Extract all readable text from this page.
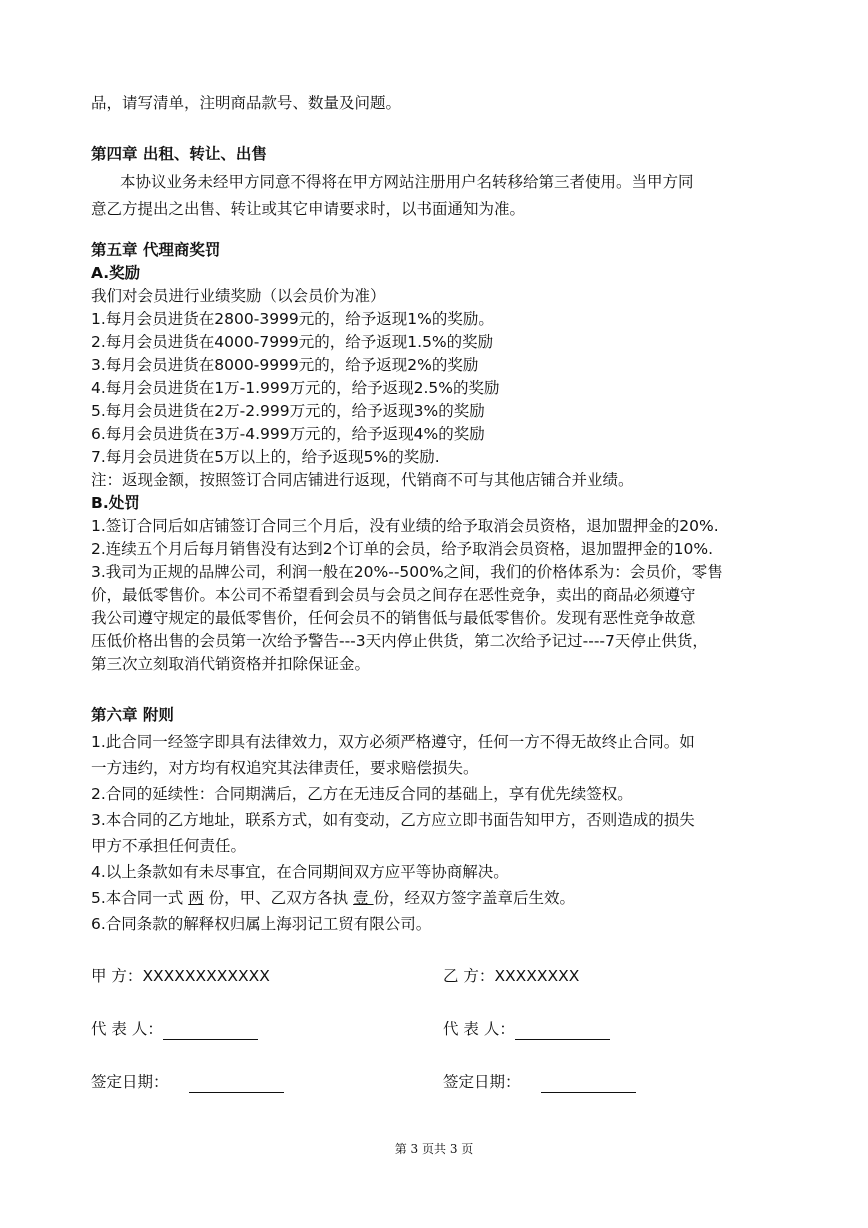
品，请写清单，注明商品款号、数量及问题。
第四章 出租、转让、出售
本协议业务未经甲方同意不得将在甲方网站注册用户名转移给第三者使用。当甲方同
意乙方提出之出售、转让或其它申请要求时，以书面通知为准。
第五章 代理商奖罚
A.奖励
我们对会员进行业绩奖励（以会员价为准）
1.每月会员进货在2800-3999元的，给予返现1%的奖励。
2.每月会员进货在4000-7999元的，给予返现1.5%的奖励
3.每月会员进货在8000-9999元的，给予返现2%的奖励
4.每月会员进货在1万-1.999万元的，给予返现2.5%的奖励
5.每月会员进货在2万-2.999万元的，给予返现3%的奖励
6.每月会员进货在3万-4.999万元的，给予返现4%的奖励
7.每月会员进货在5万以上的，给予返现5%的奖励.
注：返现金额，按照签订合同店铺进行返现，代销商不可与其他店铺合并业绩。
B.处罚
1.签订合同后如店铺签订合同三个月后，没有业绩的给予取消会员资格，退加盟押金的20%.
2.连续五个月后每月销售没有达到2个订单的会员，给予取消会员资格，退加盟押金的10%.
3.我司为正规的品牌公司，利润一般在20%--500%之间，我们的价格体系为：会员价，零售
价，最低零售价。本公司不希望看到会员与会员之间存在恶性竞争，卖出的商品必须遵守
我公司遵守规定的最低零售价，任何会员不的销售低与最低零售价。发现有恶性竞争故意
压低价格出售的会员第一次给予警告---3天内停止供货，第二次给予记过----7天停止供货，
第三次立刻取消代销资格并扣除保证金。
第六章 附则
1.此合同一经签字即具有法律效力，双方必须严格遵守，任何一方不得无故终止合同。如
一方违约，对方均有权追究其法律责任，要求赔偿损失。
2.合同的延续性：合同期满后，乙方在无违反合同的基础上，享有优先续签权。
3.本合同的乙方地址，联系方式，如有变动，乙方应立即书面告知甲方，否则造成的损失
甲方不承担任何责任。
4.以上条款如有未尽事宜，在合同期间双方应平等协商解决。
5.本合同一式 两 份，甲、乙双方各执 壹 份，经双方签字盖章后生效。
6.合同条款的解释权归属上海羽记工贸有限公司。
甲 方：XXXXXXXXXXXX	乙 方：XXXXXXXX
代 表 人：	代 表 人：
签定日期：	签定日期：
第 3 页共 3 页
